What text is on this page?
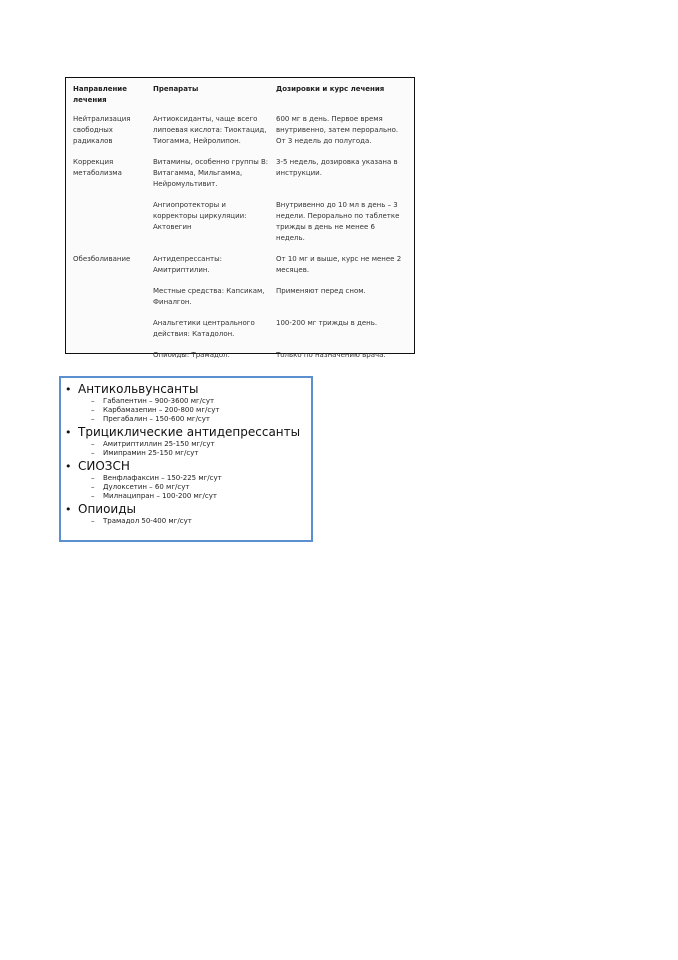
Направление лечения	Препараты	Дозировки и курс лечения
Нейтрализация свободных радикалов	Антиоксиданты, чаще всего липоевая кислота: Тиоктацид, Тиогамма, Нейролипон.	600 мг в день. Первое время внутривенно, затем перорально. От 3 недель до полугода.
Коррекция метаболизма	Витамины, особенно группы В: Витагамма, Мильгамма, Нейромультивит.	3-5 недель, дозировка указана в инструкции.
	Ангиопротекторы и корректоры циркуляции: Актовегин	Внутривенно до 10 мл в день – 3 недели. Перорально по таблетке трижды в день не менее 6 недель.
Обезболивание	Антидепрессанты: Амитриптилин.	От 10 мг и выше, курс не менее 2 месяцев.
	Местные средства: Капсикам, Финалгон.	Применяют перед сном.
	Анальгетики центрального действия: Катадолон.	100-200 мг трижды в день.
	Опиоиды: Трамадол.	Только по назначению врача.
• Антикольвунсанты
– Габапентин – 900-3600 мг/сут
– Карбамазепин – 200-800 мг/сут
– Прегабалин – 150-600 мг/сут
• Трициклические антидепрессанты
– Амитриптиллин 25-150 мг/сут
– Имипрамин 25-150 мг/сут
• СИОЗСН
– Венфлафаксин – 150-225 мг/сут
– Дулоксетин – 60 мг/сут
– Милнаципран – 100-200 мг/сут
• Опиоиды
– Трамадол 50-400 мг/сут
